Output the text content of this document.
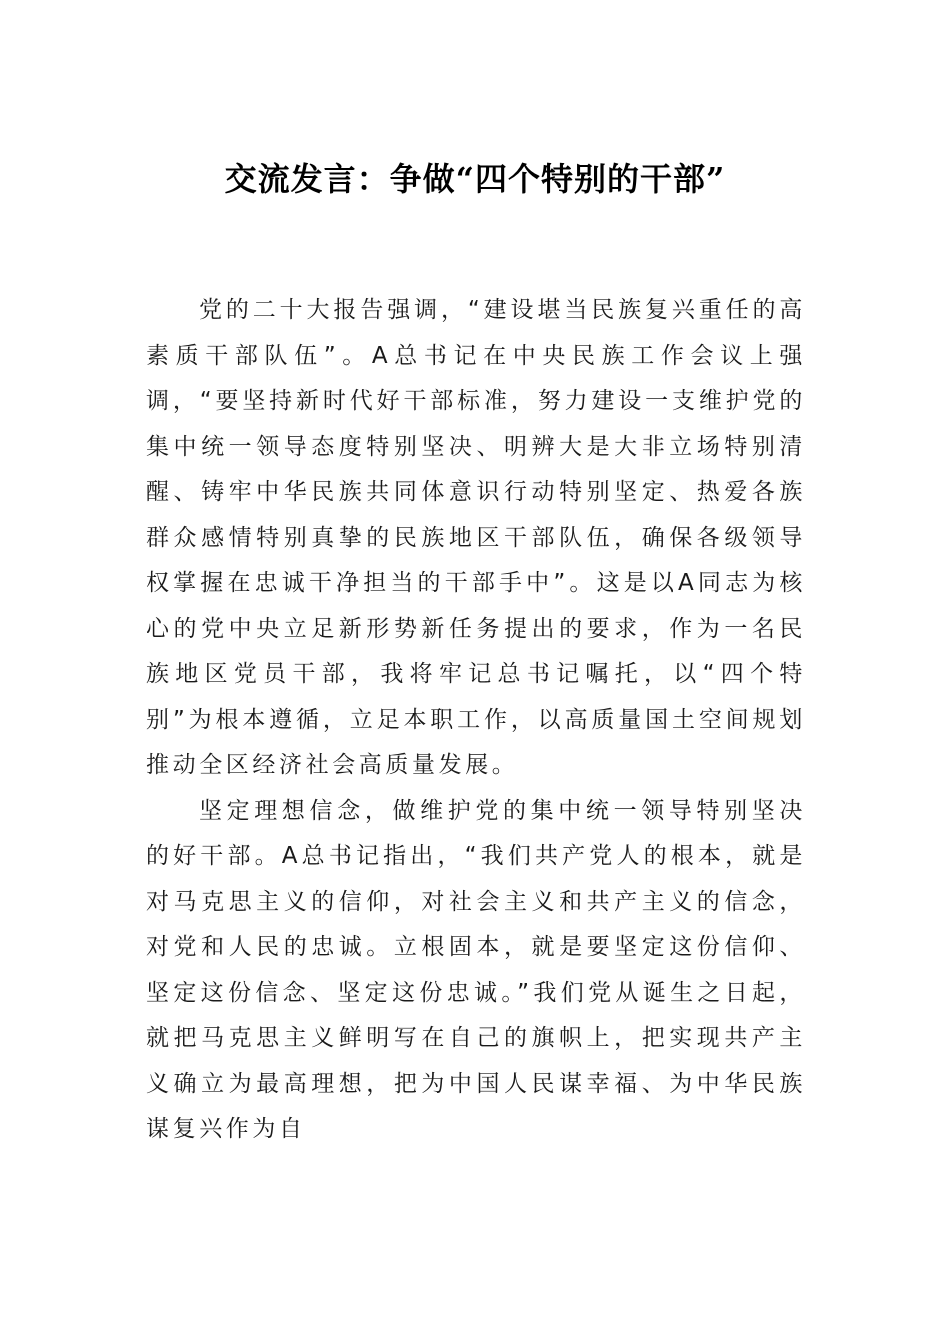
交流发言：争做“四个特别的干部”

党的二十大报告强调，“建设堪当民族复兴重任的高素质干部队伍”。A总书记在中央民族工作会议上强调，“要坚持新时代好干部标准，努力建设一支维护党的集中统一领导态度特别坚决、明辨大是大非立场特别清醒、铸牢中华民族共同体意识行动特别坚定、热爱各族群众感情特别真挚的民族地区干部队伍，确保各级领导权掌握在忠诚干净担当的干部手中”。这是以A同志为核心的党中央立足新形势新任务提出的要求，作为一名民族地区党员干部，我将牢记总书记嘱托，以“四个特别”为根本遵循，立足本职工作，以高质量国土空间规划推动全区经济社会高质量发展。

坚定理想信念，做维护党的集中统一领导特别坚决的好干部。A总书记指出，“我们共产党人的根本，就是对马克思主义的信仰，对社会主义和共产主义的信念，对党和人民的忠诚。立根固本，就是要坚定这份信仰、坚定这份信念、坚定这份忠诚。”我们党从诞生之日起，就把马克思主义鲜明写在自己的旗帜上，把实现共产主义确立为最高理想，把为中国人民谋幸福、为中华民族谋复兴作为自
